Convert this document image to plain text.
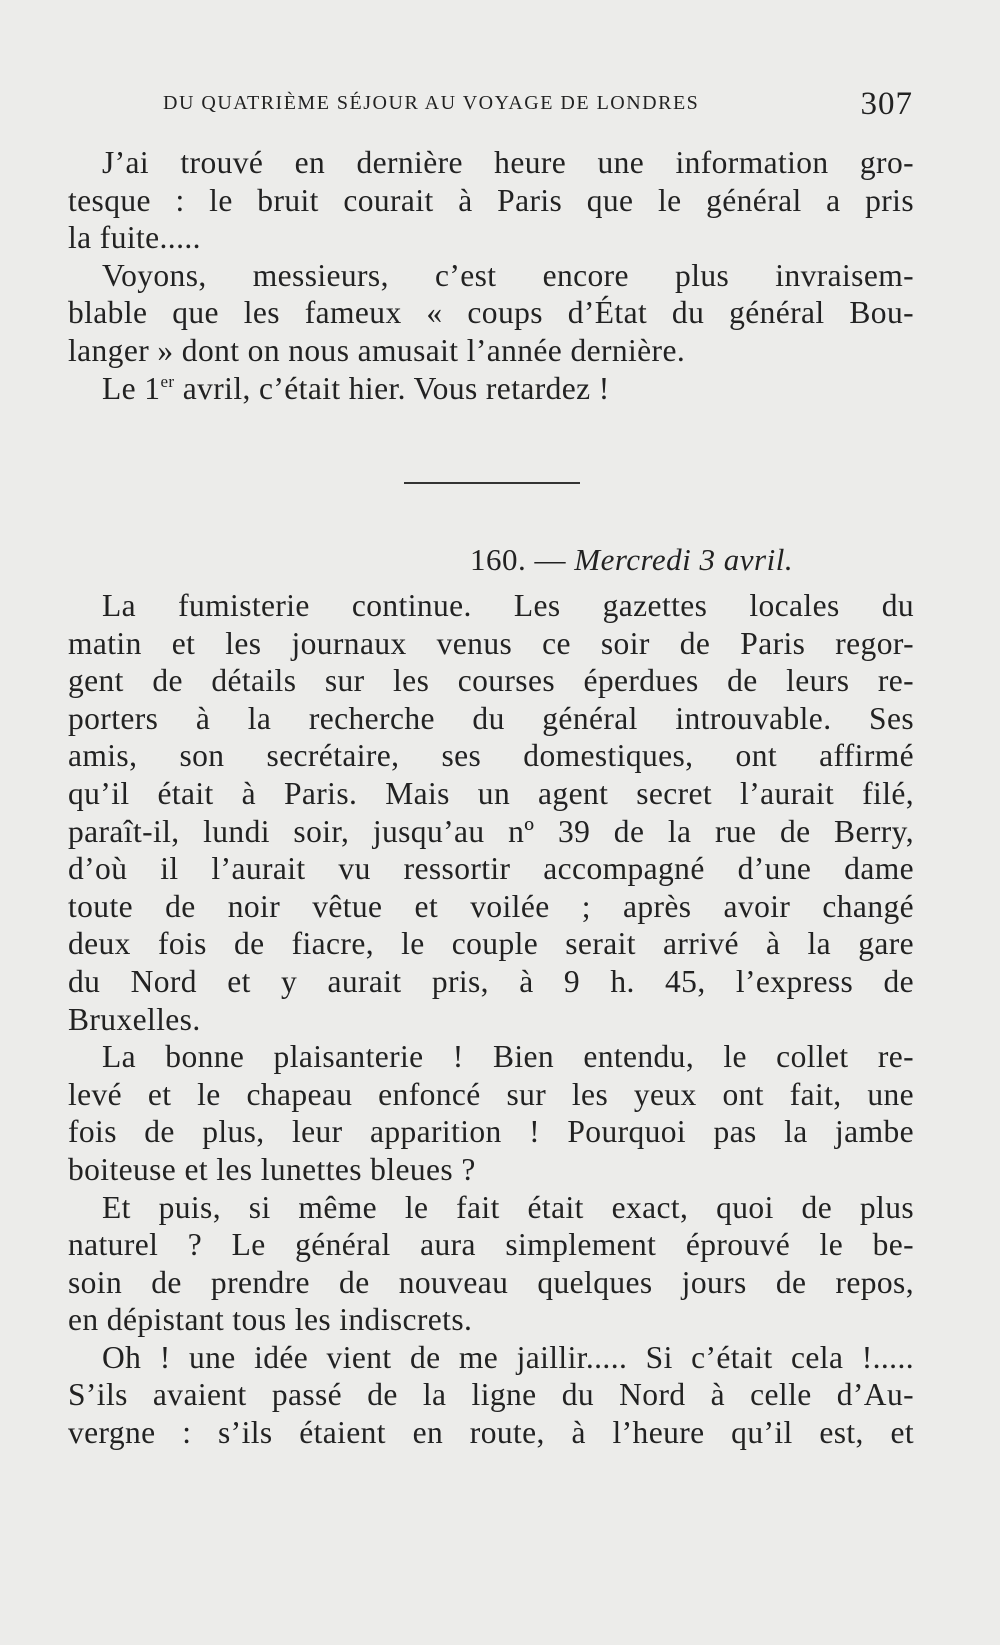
DU QUATRIÈME SÉJOUR AU VOYAGE DE LONDRES	307
J’ai trouvé en dernière heure une information gro-
tesque : le bruit courait à Paris que le général a pris
la fuite.....
Voyons, messieurs, c’est encore plus invraisem-
blable que les fameux « coups d’État du général Bou-
langer » dont on nous amusait l’année dernière.
Le 1er avril, c’était hier. Vous retardez !
160. — Mercredi 3 avril.
La fumisterie continue. Les gazettes locales du
matin et les journaux venus ce soir de Paris regor-
gent de détails sur les courses éperdues de leurs re-
porters à la recherche du général introuvable. Ses
amis, son secrétaire, ses domestiques, ont affirmé
qu’il était à Paris. Mais un agent secret l’aurait filé,
paraît-il, lundi soir, jusqu’au nº 39 de la rue de Berry,
d’où il l’aurait vu ressortir accompagné d’une dame
toute de noir vêtue et voilée ; après avoir changé
deux fois de fiacre, le couple serait arrivé à la gare
du Nord et y aurait pris, à 9 h. 45, l’express de
Bruxelles.
La bonne plaisanterie ! Bien entendu, le collet re-
levé et le chapeau enfoncé sur les yeux ont fait, une
fois de plus, leur apparition ! Pourquoi pas la jambe
boiteuse et les lunettes bleues ?
Et puis, si même le fait était exact, quoi de plus
naturel ? Le général aura simplement éprouvé le be-
soin de prendre de nouveau quelques jours de repos,
en dépistant tous les indiscrets.
Oh ! une idée vient de me jaillir..... Si c’était cela !.....
S’ils avaient passé de la ligne du Nord à celle d’Au-
vergne : s’ils étaient en route, à l’heure qu’il est, et
